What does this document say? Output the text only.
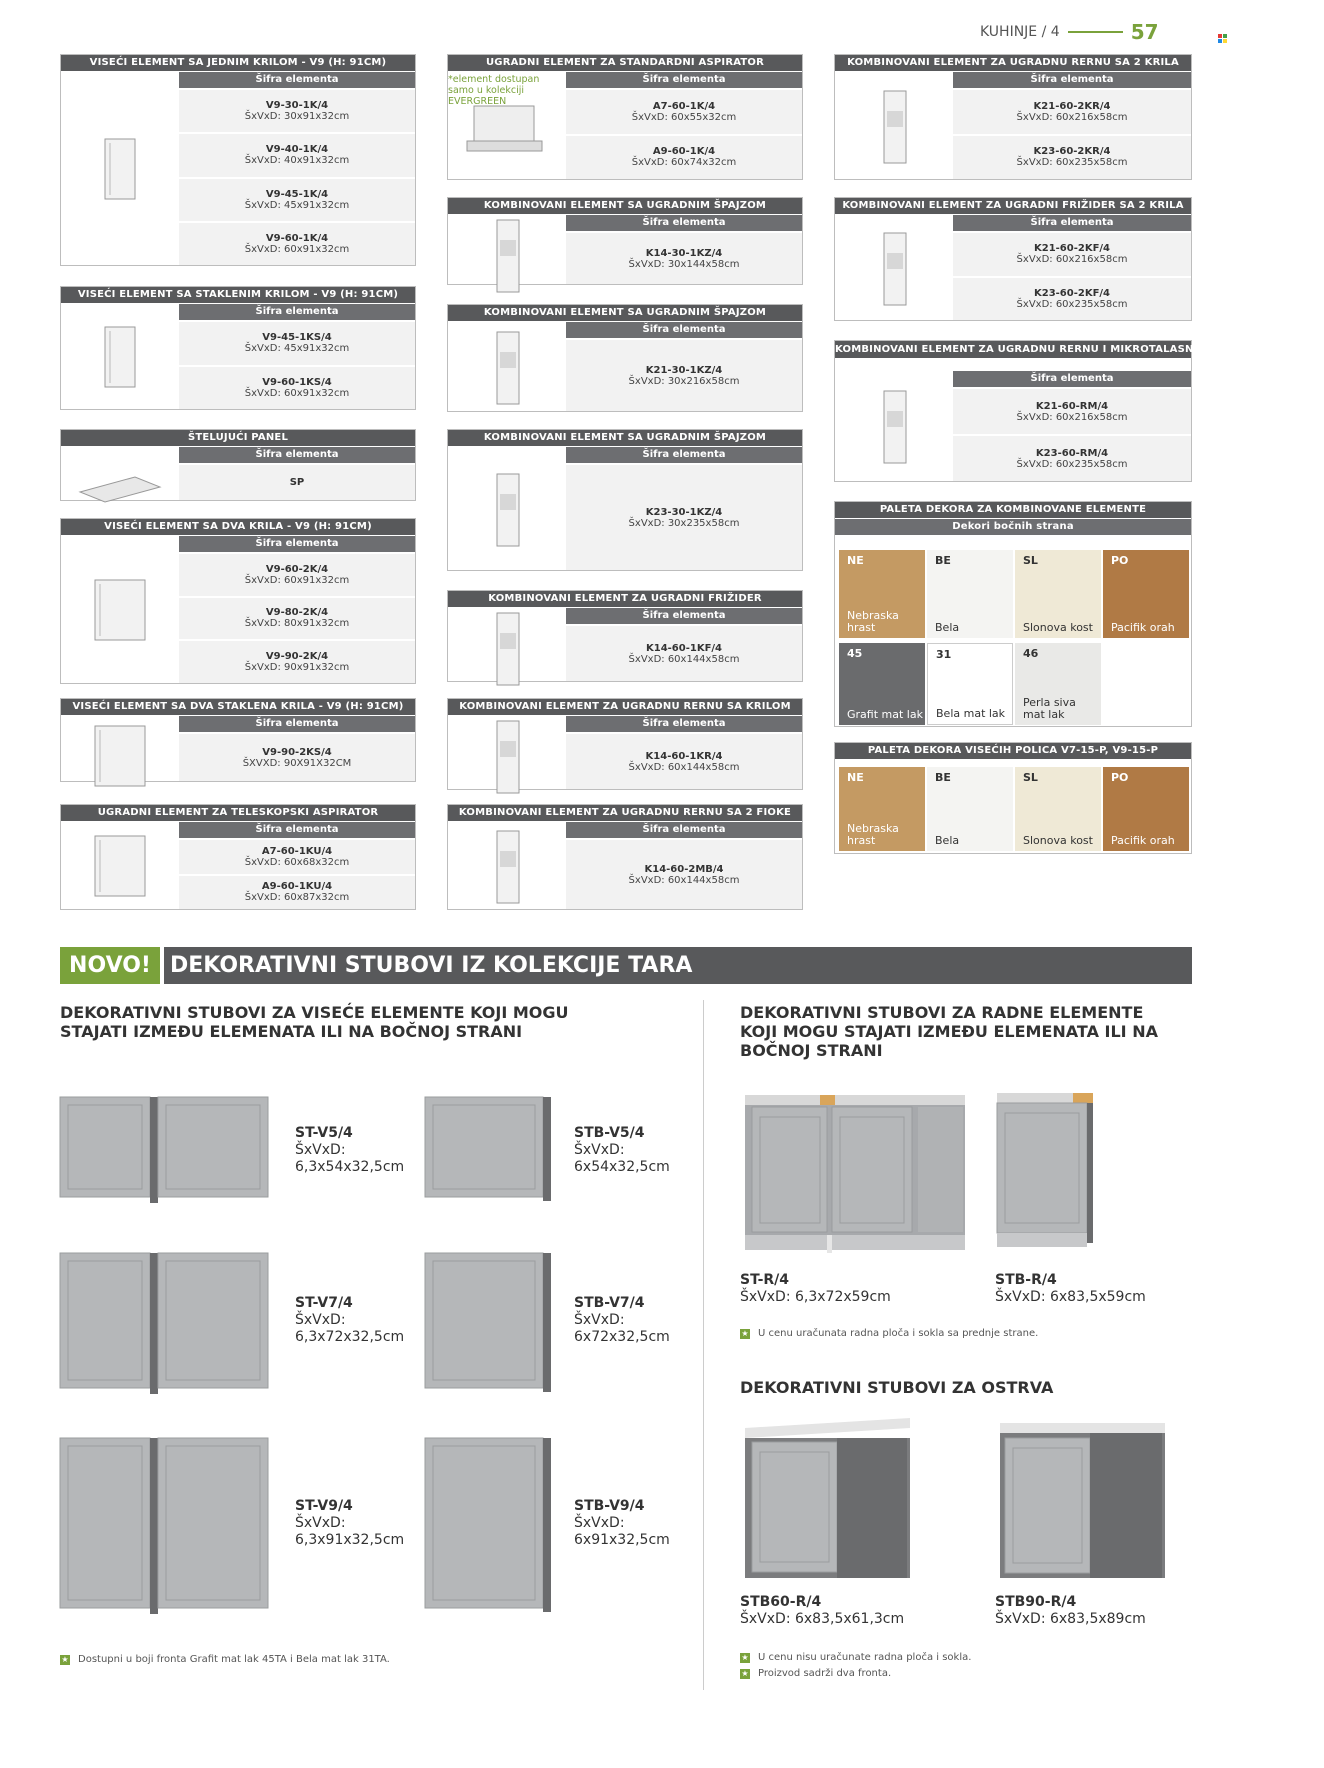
KUHINJE / 4	57
VISEĆI ELEMENT SA JEDNIM KRILOM - V9 (H: 91CM)
Šifra elementa
V9-30-1K/4
ŠxVxD: 30x91x32cm
V9-40-1K/4
ŠxVxD: 40x91x32cm
V9-45-1K/4
ŠxVxD: 45x91x32cm
V9-60-1K/4
ŠxVxD: 60x91x32cm
VISEĆI ELEMENT SA STAKLENIM KRILOM - V9 (H: 91CM)
Šifra elementa
V9-45-1KS/4
ŠxVxD: 45x91x32cm
V9-60-1KS/4
ŠxVxD: 60x91x32cm
ŠTELUJUĆI PANEL
Šifra elementa
SP
VISEĆI ELEMENT SA DVA KRILA - V9 (H: 91CM)
Šifra elementa
V9-60-2K/4
ŠxVxD: 60x91x32cm
V9-80-2K/4
ŠxVxD: 80x91x32cm
V9-90-2K/4
ŠxVxD: 90x91x32cm
VISEĆI ELEMENT SA DVA STAKLENA KRILA - V9 (H: 91CM)
Šifra elementa
V9-90-2KS/4
ŠXVXD: 90X91X32CM
UGRADNI ELEMENT ZA TELESKOPSKI ASPIRATOR
Šifra elementa
A7-60-1KU/4
ŠxVxD: 60x68x32cm
A9-60-1KU/4
ŠxVxD: 60x87x32cm
UGRADNI ELEMENT ZA STANDARDNI ASPIRATOR
Šifra elementa
A7-60-1K/4
ŠxVxD: 60x55x32cm
A9-60-1K/4
ŠxVxD: 60x74x32cm
*element dostupan samo u kolekciji EVERGREEN
KOMBINOVANI ELEMENT SA UGRADNIM ŠPAJZOM
Šifra elementa
K14-30-1KZ/4
ŠxVxD: 30x144x58cm
KOMBINOVANI ELEMENT SA UGRADNIM ŠPAJZOM
Šifra elementa
K21-30-1KZ/4
ŠxVxD: 30x216x58cm
KOMBINOVANI ELEMENT SA UGRADNIM ŠPAJZOM
Šifra elementa
K23-30-1KZ/4
ŠxVxD: 30x235x58cm
KOMBINOVANI ELEMENT ZA UGRADNI FRIŽIDER
Šifra elementa
K14-60-1KF/4
ŠxVxD: 60x144x58cm
KOMBINOVANI ELEMENT ZA UGRADNU RERNU SA KRILOM
Šifra elementa
K14-60-1KR/4
ŠxVxD: 60x144x58cm
KOMBINOVANI ELEMENT ZA UGRADNU RERNU SA 2 FIOKE
Šifra elementa
K14-60-2MB/4
ŠxVxD: 60x144x58cm
KOMBINOVANI ELEMENT ZA UGRADNU RERNU SA 2 KRILA
Šifra elementa
K21-60-2KR/4
ŠxVxD: 60x216x58cm
K23-60-2KR/4
ŠxVxD: 60x235x58cm
KOMBINOVANI ELEMENT ZA UGRADNI FRIŽIDER SA 2 KRILA
Šifra elementa
K21-60-2KF/4
ŠxVxD: 60x216x58cm
K23-60-2KF/4
ŠxVxD: 60x235x58cm
KOMBINOVANI ELEMENT ZA UGRADNU RERNU I MIKROTALASNU PEĆNICU SA 2 KRILA
Šifra elementa
K21-60-RM/4
ŠxVxD: 60x216x58cm
K23-60-RM/4
ŠxVxD: 60x235x58cm
PALETA DEKORA ZA KOMBINOVANE ELEMENTE
Dekori bočnih strana
NE
Nebraska hrast
BE
Bela
SL
Slonova kost
PO
Pacifik orah
45
Grafit mat lak
31
Bela mat lak
46
Perla siva mat lak
PALETA DEKORA VISEĆIH POLICA V7-15-P, V9-15-P
NE
Nebraska hrast
BE
Bela
SL
Slonova kost
PO
Pacifik orah
NOVO! DEKORATIVNI STUBOVI IZ KOLEKCIJE TARA
DEKORATIVNI STUBOVI ZA VISEĆE ELEMENTE KOJI MOGU STAJATI IZMEĐU ELEMENATA ILI NA BOČNOJ STRANI
DEKORATIVNI STUBOVI ZA RADNE ELEMENTE KOJI MOGU STAJATI IZMEĐU ELEMENATA ILI NA BOČNOJ STRANI
ST-V5/4
ŠxVxD:
6,3x54x32,5cm
STB-V5/4
ŠxVxD:
6x54x32,5cm
ST-V7/4
ŠxVxD:
6,3x72x32,5cm
STB-V7/4
ŠxVxD:
6x72x32,5cm
ST-V9/4
ŠxVxD:
6,3x91x32,5cm
STB-V9/4
ŠxVxD:
6x91x32,5cm
★ Dostupni u boji fronta Grafit mat lak 45TA i Bela mat lak 31TA.
ST-R/4
ŠxVxD: 6,3x72x59cm
STB-R/4
ŠxVxD: 6x83,5x59cm
★ U cenu uračunata radna ploča i sokla sa prednje strane.
DEKORATIVNI STUBOVI ZA OSTRVA
STB90-R/4
ŠxVxD: 6x83,5x89cm
STB60-R/4
ŠxVxD: 6x83,5x61,3cm
★ U cenu nisu uračunate radna ploča i sokla.
★ Proizvod sadrži dva fronta.
